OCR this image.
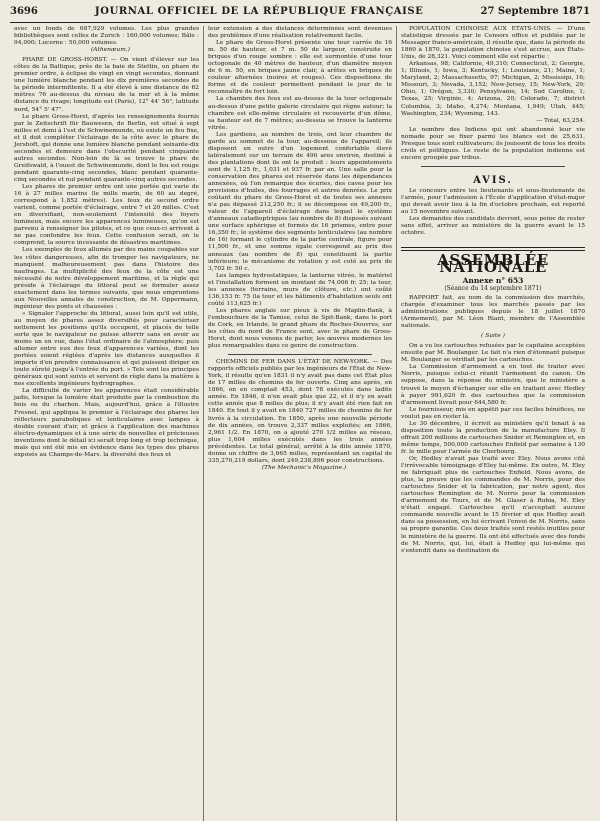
3696	JOURNAL OFFICIEL DE LA RÉPUBLIQUE FRANÇAISE	27 Septembre 1871

avec un fonds de 687,929 volumes. Les plus grandes bibliothèques sont celles de Zurich : 160,000 volumes; Bâle : 94,000; Lucerne : 50,000 volumes.

(Athenæum.)

PHARE DE GROSS-HORST. — On vient d'élever sur les côtes de la Baltique, près de la baie de Stettin, un phare de premier ordre, à éclipse de vingt en vingt secondes, donnant une lumière blanche pendant les dix premières secondes de la période intermittente. Il a été élevé à une distance de 62 mètres 76 au-dessus du niveau de la mer et à la même distance du rivage; longitude est (Paris), 12° 44' 56", latitude nord, 54° 5' 47".

Le phare Gross-Horst, d'après les renseignements fournis par le Zeitschrift für Bauwesen, de Berlin, est situé à sept milles et demi à l'est de Schwinemunde, où existe un feu fixe, et il doit compléter l'éclairage de la côte avec le phare de Jershoft, qui donne une lumière blanche pendant soixante-dix secondes et demeure dans l'obscurité pendant cinquante autres secondes. Non-loin de là se trouve le phare de Greifswald, à l'ouest de Schwinemunde, dont le feu est rouge pendant quarante-cinq secondes, blanc pendant quarante-cinq secondes et nul pendant quarante-cinq autres secondes.

Les phares de premier ordre ont une portée qui varie de 16 à 27 milles marins (le mille marin, de 60 au degré, correspond à 1,852 mètres). Les feux de second ordre varient, comme portée d'éclairage, entre 7 et 20 milles. C'est en diversifiant, non-seulement l'intensité des foyers lumineux, mais encore les apparences lumineuses, qu'on est parvenu à renseigner les pilotes, et ce que ceux-ci arrivent à ne pas confondre les feux. Cette confusion serait, on le comprend, la source incessante de désastres maritimes.

Les exemples de feux allumés par des mains coupables sur les côtes dangereuses, afin de tromper les navigateurs, ne manquent malheureusement pas dans l'histoire des naufrages. La multiplicité des feux de la côte est une nécessité de notre développement maritime, et la règle qui préside à l'éclairage du littoral peut se formuler assez exactement dans les termes suivants, que nous empruntons aux Nouvelles annales de construction, de M. Oppermann, ingénieur des ponts et chaussées :

« Signaler l'approche du littoral, aussi loin qu'il est utile, au moyen de phares assez diversifiés pour caractériser nettement les positions qu'ils occupent, et placés de telle sorte que le navigateur ne puisse atterrir sans en avoir au moins un en vue, dans l'état ordinaire de l'atmosphère; puis allumer entre eux des feux d'apparences variées, dont les portées soient réglées d'après les distances auxquelles il importe d'en prendre connaissance et qui puissent diriger en toute sûreté jusqu'à l'entrée du port. » Tels sont les principes généraux qui sont suivis et servent de règle dans la matière à nos excellents ingénieurs hydrographes.

La difficulté de varier les apparences était considérable jadis, lorsque la lumière était produite par la combustion du bois ou du charbon. Mais, aujourd'hui, grâce à l'illustre Fresnel, qui appliqua le premier à l'éclairage des phares les réflecteurs paraboliques et lenticulaires avec lampes à double courant d'air, et grâce à l'application des machines électro-dynamiques et à une série de nouvelles et précieuses inventions dont le détail ici serait trop long et trop technique, mais qui ont été mis en évidence dans les types des phares exposés au Champs-de-Mars. la diversité des feux et

leur extension à des distances déterminées sont devenues des problèmes d'une réalisation relativement facile.

Le phare de Gross-Horst présente une tour carrée de 16 m. 50 de hauteur, et 7 m. 50 de largeur, construite en briques d'un rouge sombre : elle est surmontée d'une tour octogonale de 40 mètres de hauteur, d'un diamètre moyen de 6 m. 50, en briques jaune clair, à arêtes en briques de couleur alternées (noires et rouges). Ces dispositions de forme et de couleur permettent pendant le jour de le reconnaître de fort loin.

La chambre des feux est au-dessus de la tour octogonale au-dessus d'une petite galerie circulaire qui règne autour; la chambre est elle-même circulaire et recouverte d'un dôme, sa hauteur est de 7 mètres; au-dessus se trouve la lanterne vitrée.

Les gardiens, au nombre de trois, ont leur chambre de garde au sommet de la tour, au-dessous de l'appareil; ils disposent en outre d'un logement confortable élevé latéralement sur un terrain de 490 ares environ, destiné à des plantations dont ils ont le produit : leurs appointements sont de 1,125 fr., 1,031 et 937 fr. par an. Une salle pour la conservation des phares est réservée dans les dépendances annexées, où l'on remarque des écuries, des caves pour les provisions d'huiles, des fourrages et autres denrées. Le prix coûtant du phare de Gross-Horst et de toutes ses annexes n'a pas dépassé 212,250 fr.; il se décompose en 49,200 fr., valeur de l'appareil d'éclairage dans lequel le système d'anneaux catadioptriques (au nombre de 8) disposés suivant une surface sphérique et formés de 16 prismes, entre pour 16,350 fr.; le système des segments lenticulaires (au nombre de 16) formant le cylindre de la partie centrale, figure pour 11,500 fr., et une somme égale correspond au prix des anneaux (au nombre de 8) qui constituent la partie inférieure; le mécanisme de rotation y est coté au prix de 3,702 fr. 50 c.

Les lampes hydrostatiques, la lanterne vitrée, le matériel et l'installation forment un montant de 74,006 fr. 25; la tour, les annexes (terrains, murs de clôture, etc.) ont coûté 136,153 fr. 75 (la tour et les bâtiments d'habitation seuls ont coûté 113,625 fr.)

Les phares anglais sur pieux à vis de Maplin-Bank, à l'embouchure de la Tamise, celui de Spit-Bank, dans le port de Cork, en Irlande, le grand phare de Roches-Douvres, sur les côtes du nord de France sont, avec le phare de Gross-Horst, dont nous venons de parler, les œuvres modernes les plus remarquables dans ce genre de construction.

CHEMINS DE FER DANS L'ÉTAT DE NEW-YORK. — Des rapports officiels publiés par les ingénieurs de l'État de New-York, il résulte qu'en 1831 il n'y avait pas dans cet État plus de 17 milles de chemins de fer ouverts. Cinq ans après, en 1866, on en comptait 453, dont 78 exécutés dans ladite année. En 1846, il n'en avait plus que 22, et il n'y en avait cette année que 8 milles de plus; il n'y avait été rien fait en 1840. En tout il y avait en 1840 727 milles de chemins de fer livrés à la circulation. En 1850, après une nouvelle période de dix années, on trouve 2,337 milles exploités; en 1866, 2,961 1/2. En 1870, on a ajouté 270 1/2 milles au réseau, plus 1,604 milles exécutés dans les trois années précédentes. Le total général, arrêté à la dite année 1870, donne un chiffre de 3,665 milles, représentant un capital de 335,270,219 dollars, dont 249,238,896 pour constructions.

(The Mechanic's Magazine.)

POPULATION CHINOISE AUX ÉTATS-UNIS. — D'une statistique dressée par le Censors office et publiée par le Messager franco-américain, il résulte que, dans la période de 1860 à 1870, la population chinoise s'est accrue, aux États-Unis, de 28,321. Voici comment elle est répartie :

Arkansas, 98; Californie, 49,310; Connecticut, 2; Georgie, 1; Illinois, 1; Iowa, 3; Kentucky, 1; Louisiane, 21; Maine, 1; Maryland, 2; Massachusetts, 97; Michigan, 2; Mississipi, 16; Missouri, 3; Nevada, 3,152; New-Jersey, 15; New-York, 29; Ohio, 1; Orégon, 3,330; Pensylvanie, 14; Sud Caroline, 1; Texas, 25; Virginie, 4; Arizona, 20; Colorado, 7; district Columbia, 3; Idaho, 4,274; Montana, 1,949; Utah, 445; Washington, 234; Wyoming, 143.

— Total, 63,254.

Le nombre des Indiens qui ont abandonné leur vie nomade pour se fixer parmi les blancs est de 25,631. Presque tous sont cultivateurs; ils jouissent de tous les droits civils et politiques. Le reste de la population indienne est encore groupée par tribus.

AVIS.

Le concours entre les lieutenants et sous-lieutenants de l'armée, pour l'admission à l'École d'application d'état-major qui devait avoir lieu à la fin d'octobre prochain, est reporté au 15 novembre suivant.

Les demandes des candidats devront, sous peine de rester sans effet, arriver au ministère de la guerre avant le 15 octobre.

ASSEMBLÉE NATIONALE
Annexe n° 653
(Séance du 14 septembre 1871)

RAPPORT fait, au nom de la commission des marchés, chargée d'examiner tous les marchés passés par les administrations publiques depuis le 18 juillet 1870 (Armement), par M. Léon Riant, membre de l'Assemblée nationale.

( Suite )

On a vu les cartouches refusées par le capitaine acceptées ensuite par M. Boulanger. Le fait n'a rien d'étonnant puisque M. Boulanger se vérifiait par les cartouches.

La Commission d'armement a en tout de traiter avec Norris, puisque celui-ci réunit l'armement du canon. On suppose, dans la réponse du ministre, que le ministère a trouvé le moyen d'échanger sur elle en traitant avec Hedley à payer 991,620 fr. des cartouches que la commission d'armement livrait pour 644,580 fr.

Le fournisseur, mis en appétit par ces faciles bénéfices, ne voulut pas en rester là.

Le 30 décembre, il écrivit au ministère qu'il tenait à sa disposition toute la production de la manufacture Eley. Il offrait 200 millions de cartouches Snider et Remington et, en même temps, 500,000 cartouches Enfield par semaine à 130 fr. le mille pour l'armée de Cherbourg.

Or, Hedley n'avait pas traité avec Eley. Nous avons cité l'irrévocable témoignage d'Eley lui-même. En outre, M. Eley ne fabriquait plus de cartouches Enfield. Nous avons, de plus, la preuve que les commandes de M. Norris, pour des cartouches Snider et la fabrication, par notre agent, des cartouches Remington de M. Norris pour la commission d'armement de Tours, et de M. Glaser à Rubia, M. Eley n'était engagé. Cartouches qu'il n'acceptait aucune commande nouvelle avant le 15 février et que Hedley avait dans sa possession, en lui écrivant l'envoi de M. Norris, sans sa propre garantie. Ces deux traités sont restés inutiles pour le ministère de la guerre. Ils ont été effectués avec des fonds de M. Norris, qui, lui, était à Hedley qui lui-même qui s'entendit dans sa destination de
